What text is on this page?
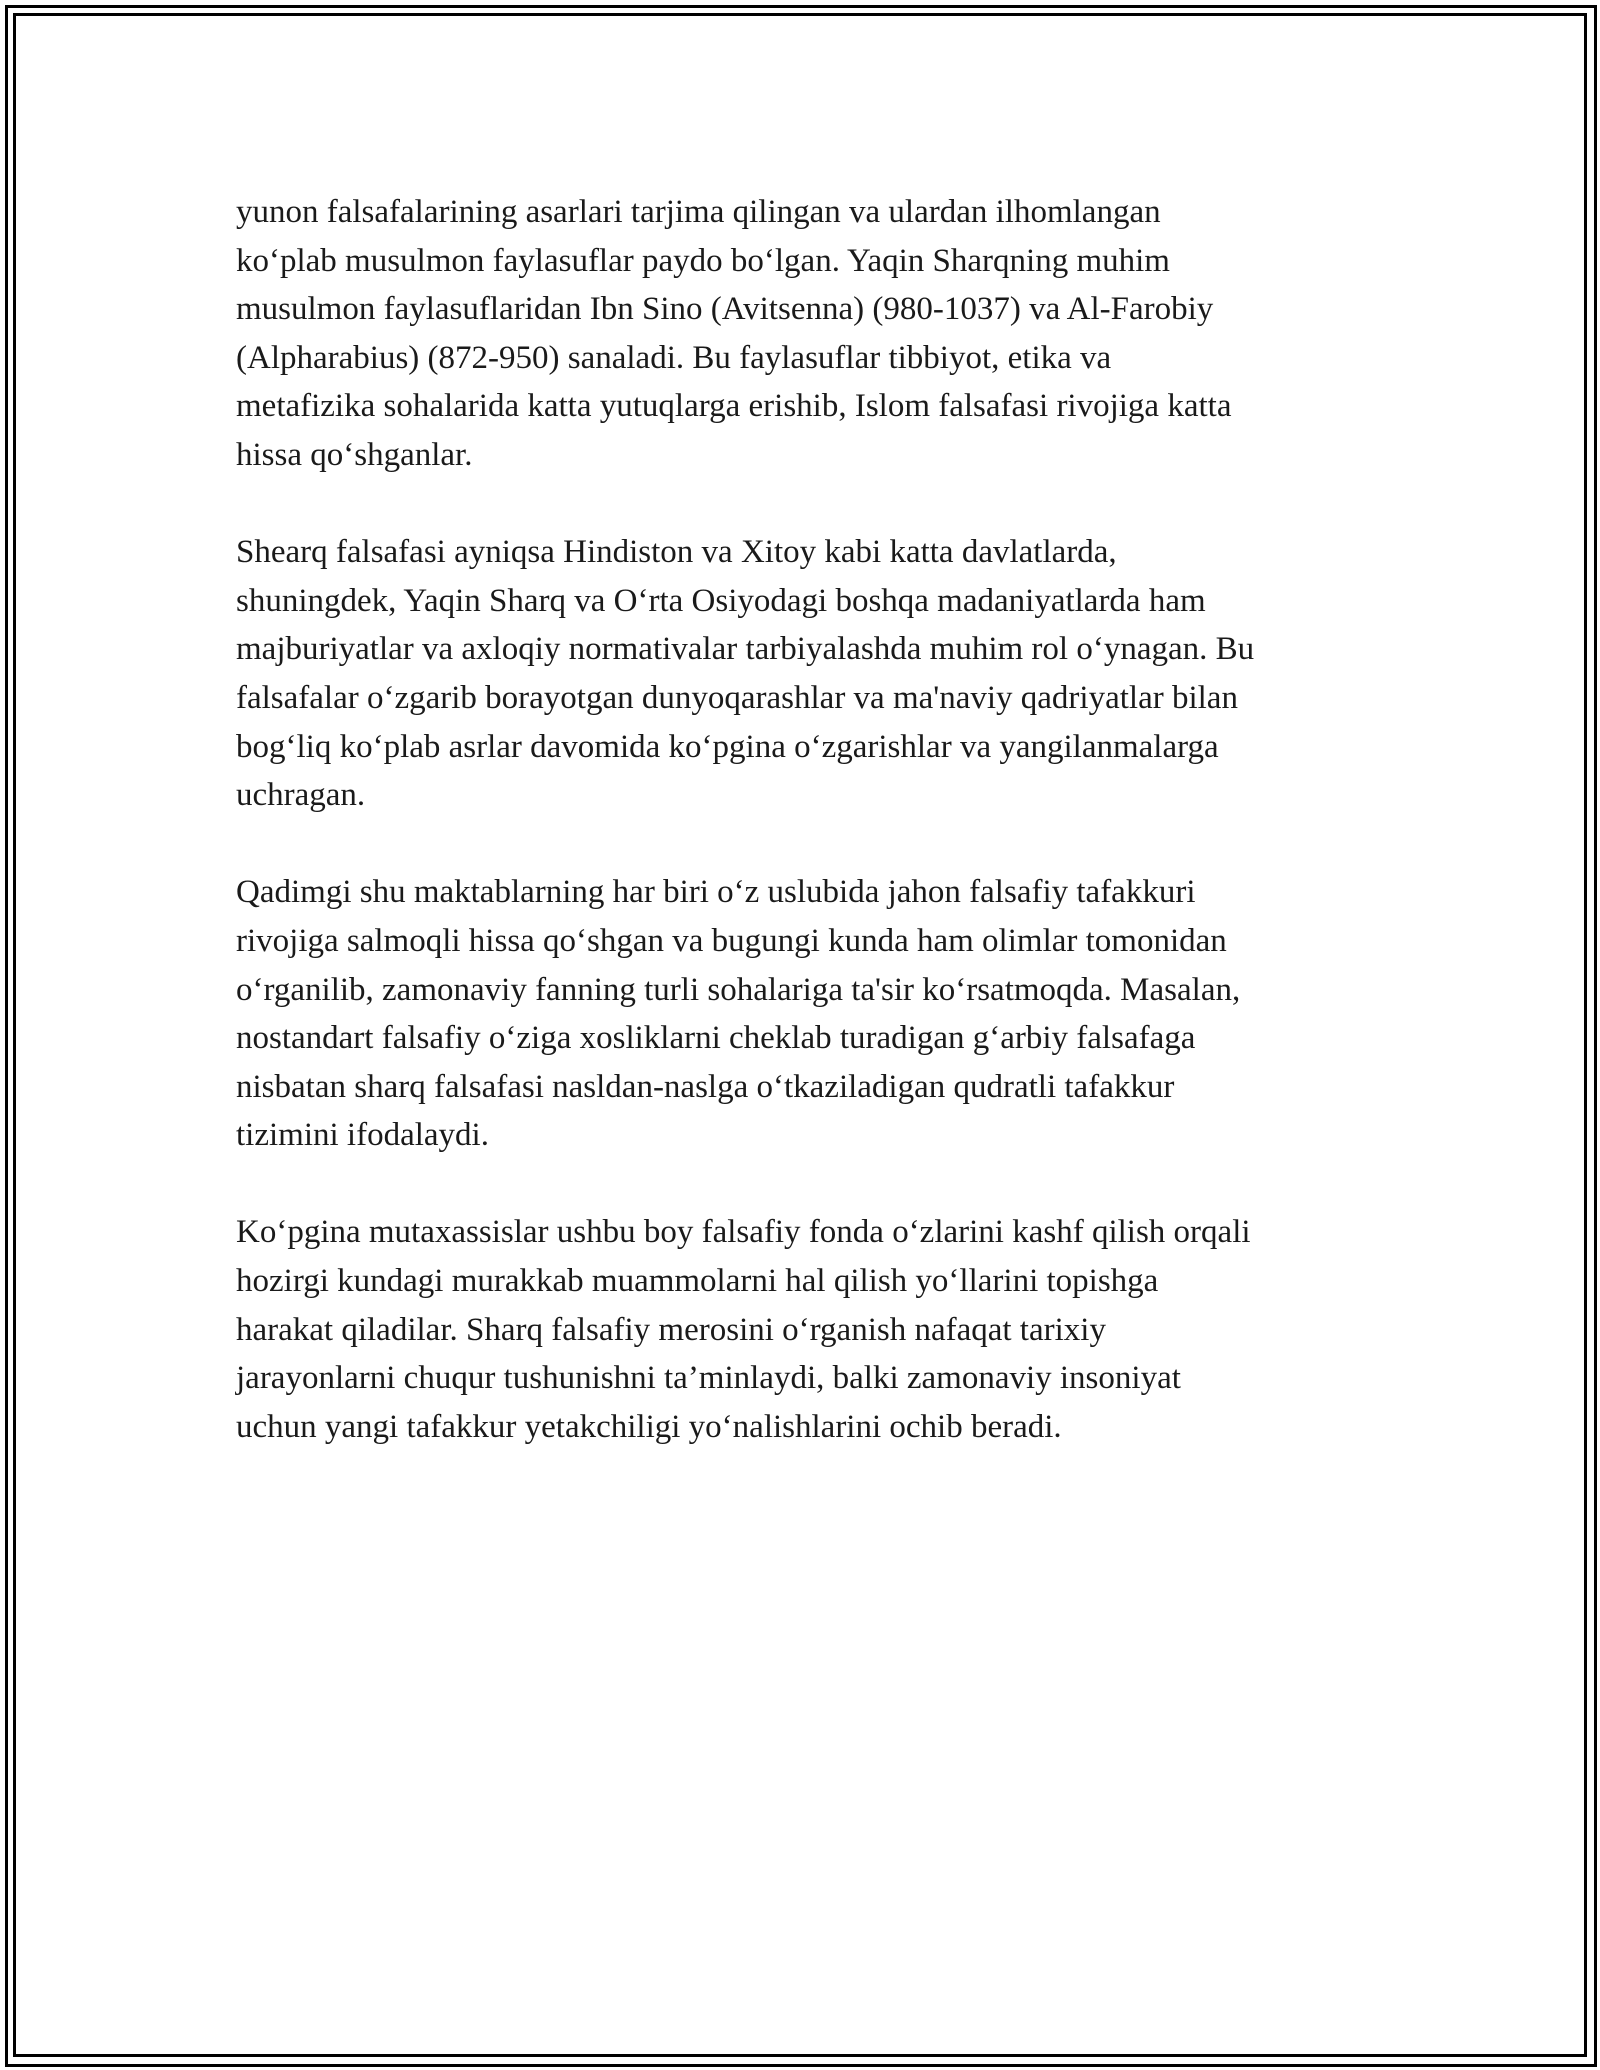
yunon falsafalarining asarlari tarjima qilingan va ulardan ilhomlangan
ko‘plab musulmon faylasuflar paydo bo‘lgan. Yaqin Sharqning muhim
musulmon faylasuflaridan Ibn Sino (Avitsenna) (980-1037) va Al-Farobiy
(Alpharabius) (872-950) sanaladi. Bu faylasuflar tibbiyot, etika va
metafizika sohalarida katta yutuqlarga erishib, Islom falsafasi rivojiga katta
hissa qo‘shganlar.

Shearq falsafasi ayniqsa Hindiston va Xitoy kabi katta davlatlarda,
shuningdek, Yaqin Sharq va O‘rta Osiyodagi boshqa madaniyatlarda ham
majburiyatlar va axloqiy normativalar tarbiyalashda muhim rol o‘ynagan. Bu
falsafalar o‘zgarib borayotgan dunyoqarashlar va ma'naviy qadriyatlar bilan
bog‘liq ko‘plab asrlar davomida ko‘pgina o‘zgarishlar va yangilanmalarga
uchragan.

Qadimgi shu maktablarning har biri o‘z uslubida jahon falsafiy tafakkuri
rivojiga salmoqli hissa qo‘shgan va bugungi kunda ham olimlar tomonidan
o‘rganilib, zamonaviy fanning turli sohalariga ta'sir ko‘rsatmoqda. Masalan,
nostandart falsafiy o‘ziga xosliklarni cheklab turadigan g‘arbiy falsafaga
nisbatan sharq falsafasi nasldan-naslga o‘tkaziladigan qudratli tafakkur
tizimini ifodalaydi.

Ko‘pgina mutaxassislar ushbu boy falsafiy fonda o‘zlarini kashf qilish orqali
hozirgi kundagi murakkab muammolarni hal qilish yo‘llarini topishga
harakat qiladilar. Sharq falsafiy merosini o‘rganish nafaqat tarixiy
jarayonlarni chuqur tushunishni ta’minlaydi, balki zamonaviy insoniyat
uchun yangi tafakkur yetakchiligi yo‘nalishlarini ochib beradi.
